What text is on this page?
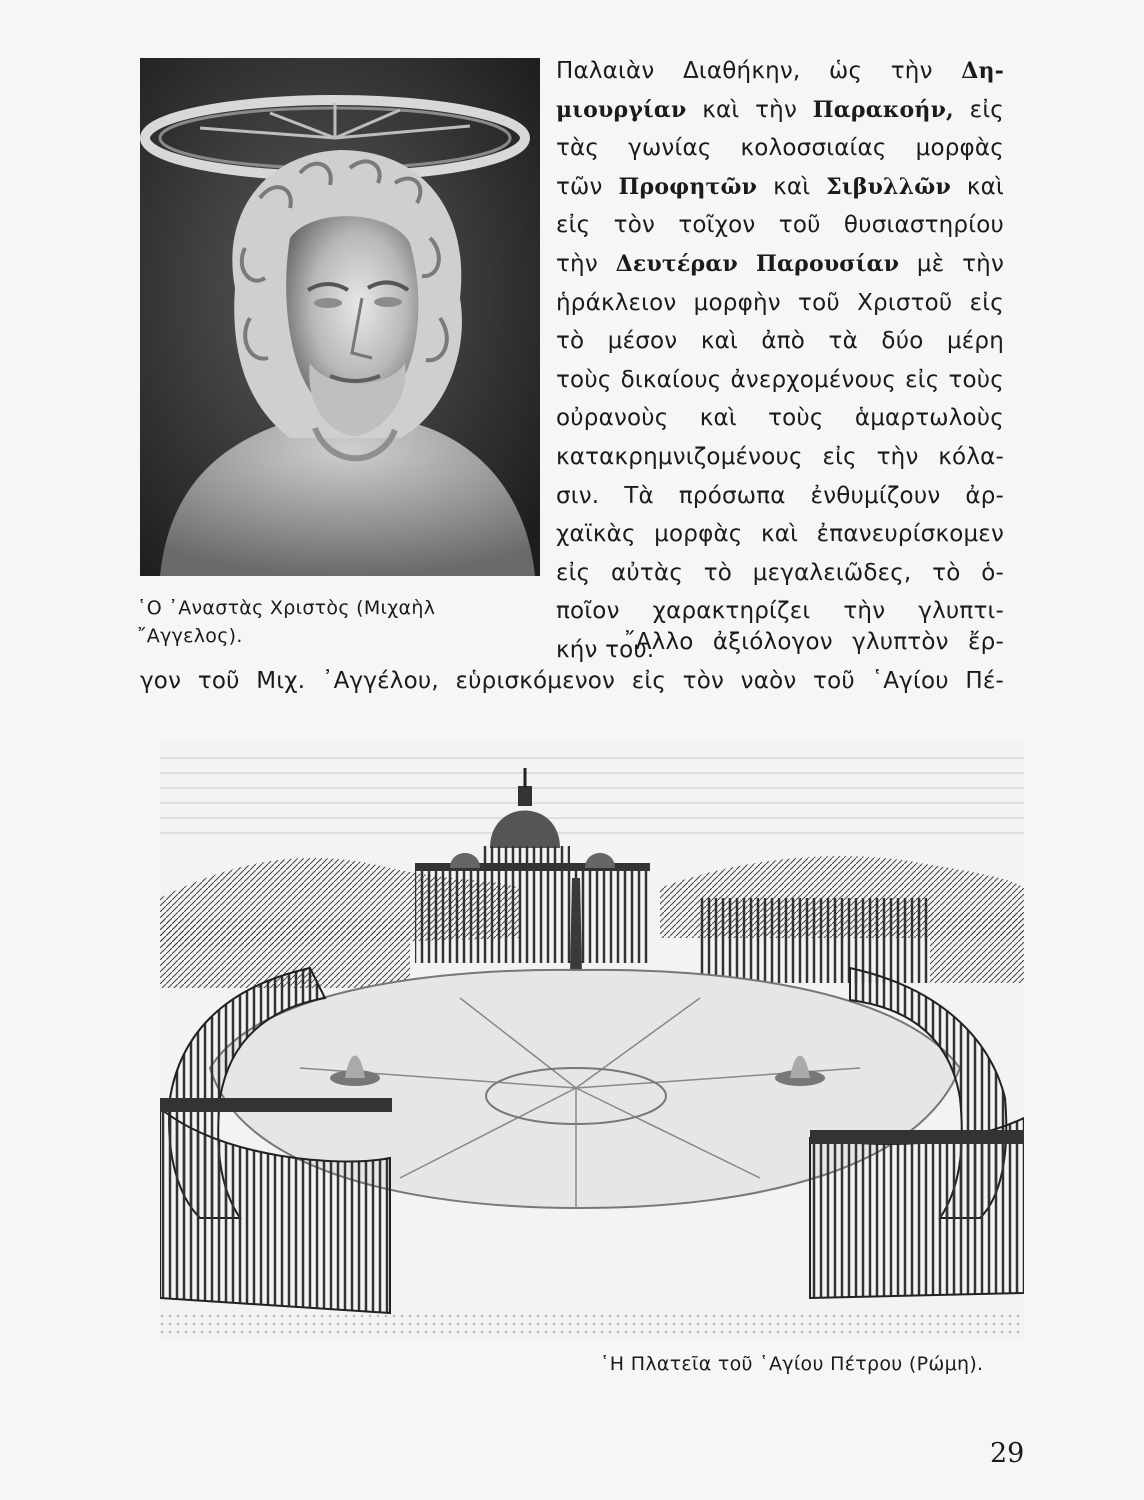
῾Ο ᾽Αναστὰς Χριστὸς (Μιχαὴλ
῎Αγγελος).
Παλαιὰν Διαθήκην, ὡς τὴν Δη-
μιουργίαν καὶ τὴν Παρακοήν, εἰς
τὰς γωνίας κολοσσιαίας μορφὰς
τῶν Προφητῶν καὶ Σιβυλλῶν καὶ
εἰς τὸν τοῖχον τοῦ θυσιαστηρίου
τὴν Δευτέραν Παρουσίαν μὲ τὴν
ἡράκλειον μορφὴν τοῦ Χριστοῦ εἰς
τὸ μέσον καὶ ἀπὸ τὰ δύο μέρη
τοὺς δικαίους ἀνερχομένους εἰς τοὺς
οὐρανοὺς καὶ τοὺς ἁμαρτωλοὺς
κατακρημνιζομένους εἰς τὴν κόλα-
σιν. Τὰ πρόσωπα ἐνθυμίζουν ἀρ-
χαϊκὰς μορφὰς καὶ ἐπανευρίσκομεν
εἰς αὐτὰς τὸ μεγαλειῶδες, τὸ ὁ-
ποῖον χαρακτηρίζει τὴν γλυπτι-
κήν του.
῎Αλλο ἀξιόλογον γλυπτὸν ἔρ-
γον τοῦ Μιχ. ᾽Αγγέλου, εὑρισκόμενον εἰς τὸν ναὸν τοῦ ῾Αγίου Πέ-
῾Η Πλατεῖα τοῦ ῾Αγίου Πέτρου (Ρώμη).
29
